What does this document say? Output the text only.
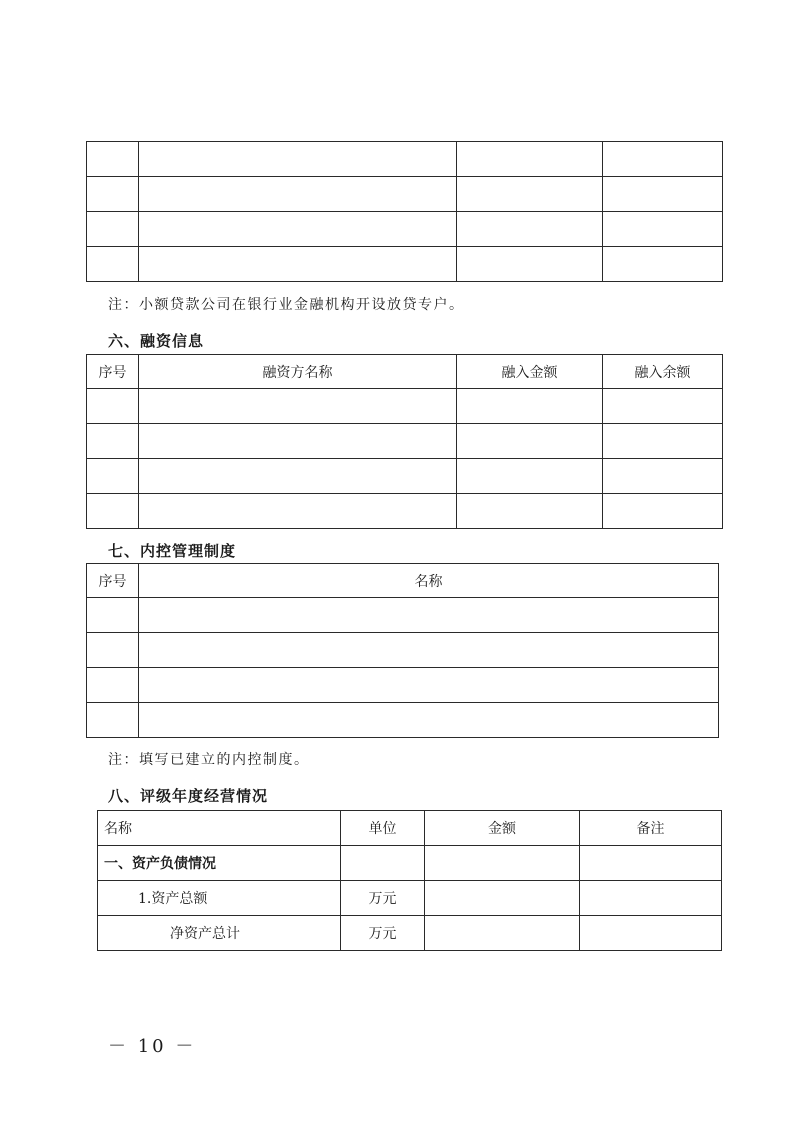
注：小额贷款公司在银行业金融机构开设放贷专户。
六、融资信息
序号	融资方名称	融入金额	融入余额

七、内控管理制度
序号	名称

注：填写已建立的内控制度。
八、评级年度经营情况
名称	单位	金额	备注
一、资产负债情况			
1.资产总额	万元		
净资产总计	万元		
－ 10 －
